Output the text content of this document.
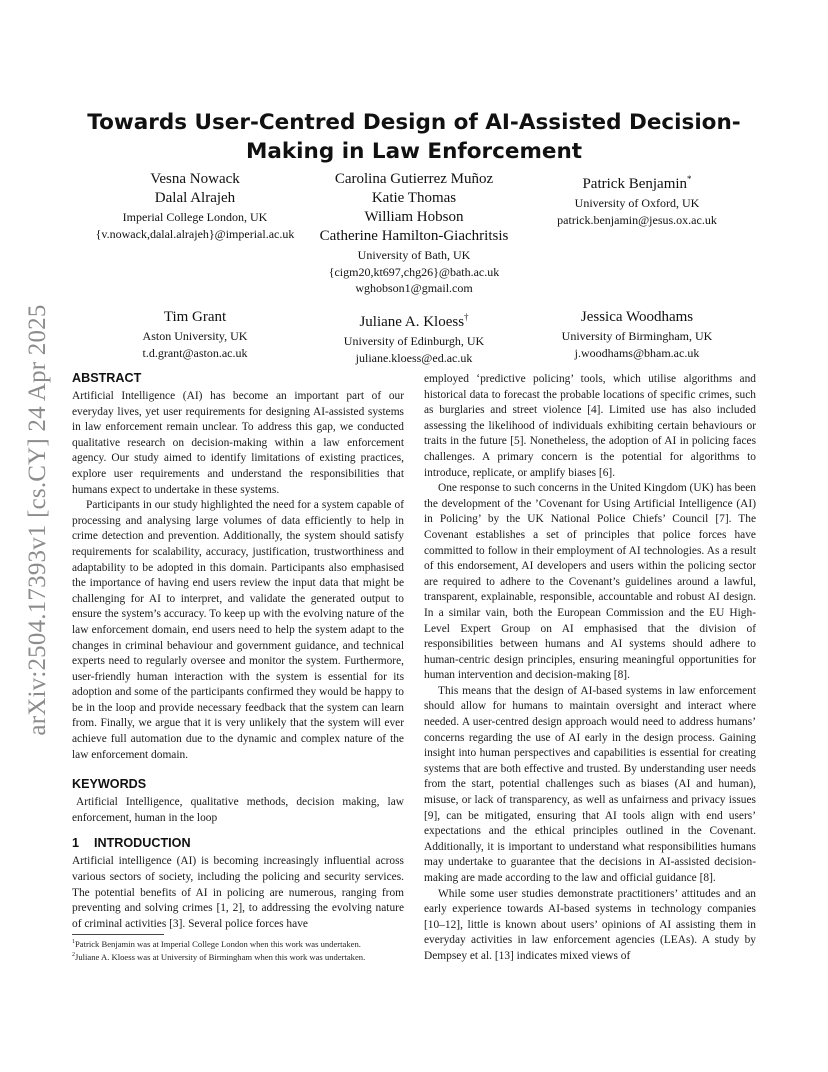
arXiv:2504.17393v1 [cs.CY] 24 Apr 2025
Towards User-Centred Design of AI-Assisted Decision-Making in Law Enforcement
Vesna Nowack
Dalal Alrajeh
Imperial College London, UK
{v.nowack,dalal.alrajeh}@imperial.ac.uk
Carolina Gutierrez Muñoz
Katie Thomas
William Hobson
Catherine Hamilton-Giachritsis
University of Bath, UK
{cigm20,kt697,chg26}@bath.ac.uk
wghobson1@gmail.com
Patrick Benjamin*
University of Oxford, UK
patrick.benjamin@jesus.ox.ac.uk
Tim Grant
Aston University, UK
t.d.grant@aston.ac.uk
Juliane A. Kloess†
University of Edinburgh, UK
juliane.kloess@ed.ac.uk
Jessica Woodhams
University of Birmingham, UK
j.woodhams@bham.ac.uk
ABSTRACT

Artificial Intelligence (AI) has become an important part of our everyday lives, yet user requirements for designing AI-assisted systems in law enforcement remain unclear. To address this gap, we conducted qualitative research on decision-making within a law enforcement agency. Our study aimed to identify limitations of existing practices, explore user requirements and understand the responsibilities that humans expect to undertake in these systems.

Participants in our study highlighted the need for a system capable of processing and analysing large volumes of data efficiently to help in crime detection and prevention. Additionally, the system should satisfy requirements for scalability, accuracy, justification, trustworthiness and adaptability to be adopted in this domain. Participants also emphasised the importance of having end users review the input data that might be challenging for AI to interpret, and validate the generated output to ensure the system’s accuracy. To keep up with the evolving nature of the law enforcement domain, end users need to help the system adapt to the changes in criminal behaviour and government guidance, and technical experts need to regularly oversee and monitor the system. Furthermore, user-friendly human interaction with the system is essential for its adoption and some of the participants confirmed they would be happy to be in the loop and provide necessary feedback that the system can learn from. Finally, we argue that it is very unlikely that the system will ever achieve full automation due to the dynamic and complex nature of the law enforcement domain.

KEYWORDS

Artificial Intelligence, qualitative methods, decision making, law enforcement, human in the loop

1 INTRODUCTION

Artificial intelligence (AI) is becoming increasingly influential across various sectors of society, including the policing and security services. The potential benefits of AI in policing are numerous, ranging from preventing and solving crimes [1, 2], to addressing the evolving nature of criminal activities [3]. Several police forces have

$^1$Patrick Benjamin was at Imperial College London when this work was undertaken.
$^2$Juliane A. Kloess was at University of Birmingham when this work was undertaken.

employed ‘predictive policing’ tools, which utilise algorithms and historical data to forecast the probable locations of specific crimes, such as burglaries and street violence [4]. Limited use has also included assessing the likelihood of individuals exhibiting certain behaviours or traits in the future [5]. Nonetheless, the adoption of AI in policing faces challenges. A primary concern is the potential for algorithms to introduce, replicate, or amplify biases [6].

One response to such concerns in the United Kingdom (UK) has been the development of the ’Covenant for Using Artificial Intelligence (AI) in Policing’ by the UK National Police Chiefs’ Council [7]. The Covenant establishes a set of principles that police forces have committed to follow in their employment of AI technologies. As a result of this endorsement, AI developers and users within the policing sector are required to adhere to the Covenant’s guidelines around a lawful, transparent, explainable, responsible, accountable and robust AI design. In a similar vain, both the European Commission and the EU High-Level Expert Group on AI emphasised that the division of responsibilities between humans and AI systems should adhere to human-centric design principles, ensuring meaningful opportunities for human intervention and decision-making [8].

This means that the design of AI-based systems in law enforcement should allow for humans to maintain oversight and interact where needed. A user-centred design approach would need to address humans’ concerns regarding the use of AI early in the design process. Gaining insight into human perspectives and capabilities is essential for creating systems that are both effective and trusted. By understanding user needs from the start, potential challenges such as biases (AI and human), misuse, or lack of transparency, as well as unfairness and privacy issues [9], can be mitigated, ensuring that AI tools align with end users’ expectations and the ethical principles outlined in the Covenant. Additionally, it is important to understand what responsibilities humans may undertake to guarantee that the decisions in AI-assisted decision-making are made according to the law and official guidance [8].

While some user studies demonstrate practitioners’ attitudes and an early experience towards AI-based systems in technology companies [10–12], little is known about users’ opinions of AI assisting them in everyday activities in law enforcement agencies (LEAs). A study by Dempsey et al. [13] indicates mixed views of
